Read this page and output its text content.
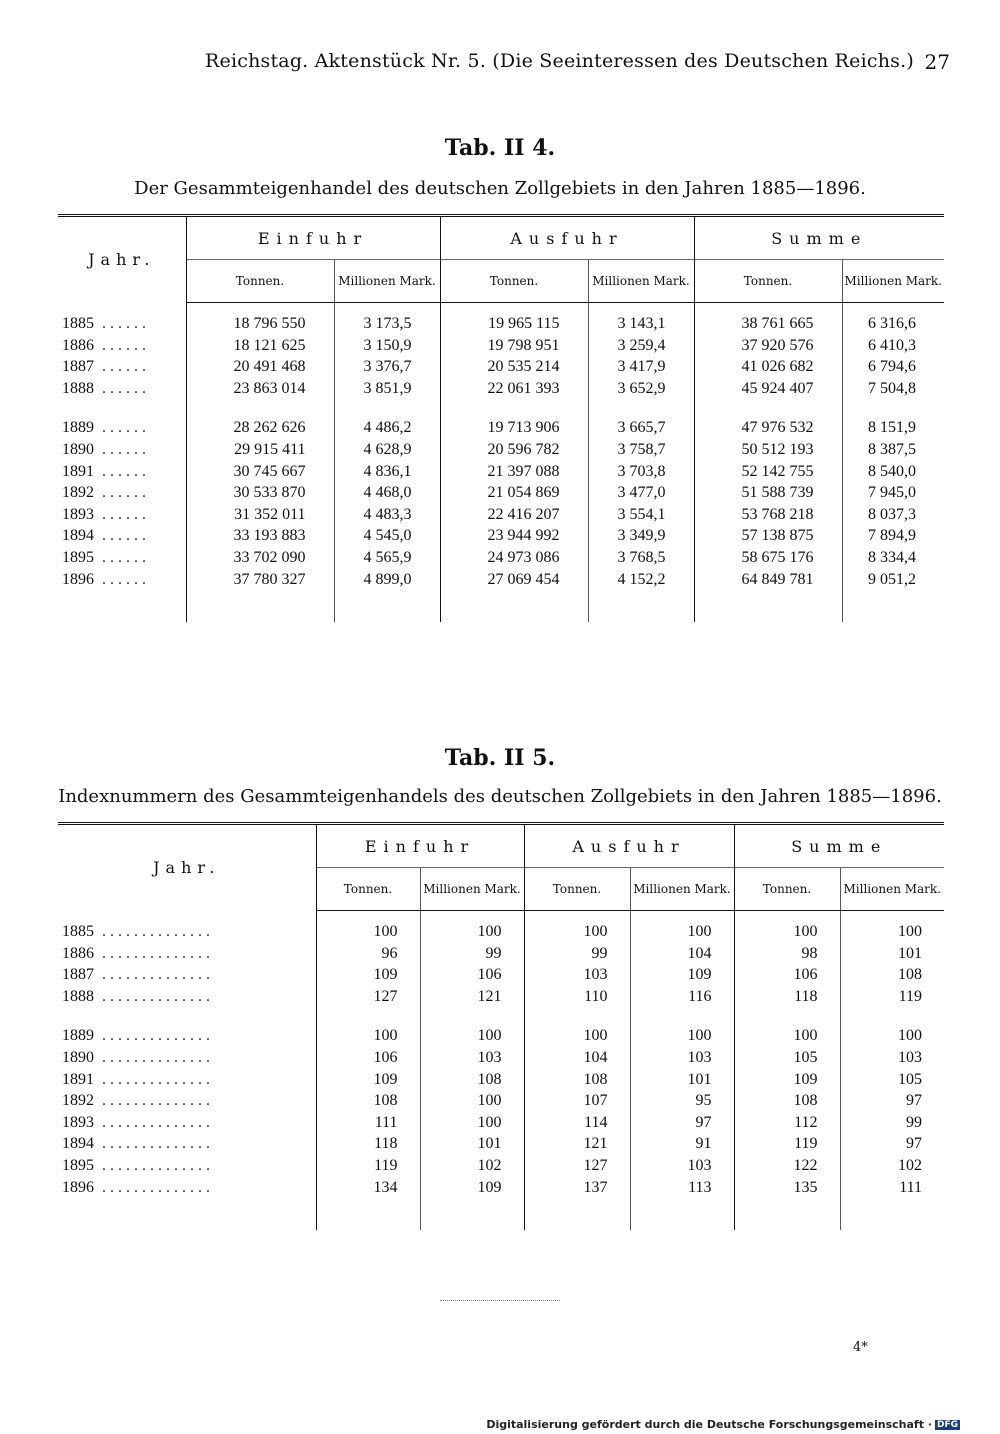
Reichstag. Aktenstück Nr. 5. (Die Seeinteressen des Deutschen Reichs.) 27
Tab. II 4.
Der Gesammteigenhandel des deutschen Zollgebiets in den Jahren 1885—1896.
Jahr.	Einfuhr		Ausfuhr		Summe	
	Tonnen.	Millionen Mark.	Tonnen.	Millionen Mark.	Tonnen.	Millionen Mark.

1885 ......	18 796 550	3 173,5	19 965 115	3 143,1	38 761 665	6 316,6
1886 ......	18 121 625	3 150,9	19 798 951	3 259,4	37 920 576	6 410,3
1887 ......	20 491 468	3 376,7	20 535 214	3 417,9	41 026 682	6 794,6
1888 ......	23 863 014	3 851,9	22 061 393	3 652,9	45 924 407	7 504,8

1889 ......	28 262 626	4 486,2	19 713 906	3 665,7	47 976 532	8 151,9
1890 ......	29 915 411	4 628,9	20 596 782	3 758,7	50 512 193	8 387,5
1891 ......	30 745 667	4 836,1	21 397 088	3 703,8	52 142 755	8 540,0
1892 ......	30 533 870	4 468,0	21 054 869	3 477,0	51 588 739	7 945,0
1893 ......	31 352 011	4 483,3	22 416 207	3 554,1	53 768 218	8 037,3
1894 ......	33 193 883	4 545,0	23 944 992	3 349,9	57 138 875	7 894,9
1895 ......	33 702 090	4 565,9	24 973 086	3 768,5	58 675 176	8 334,4
1896 ......	37 780 327	4 899,0	27 069 454	4 152,2	64 849 781	9 051,2

Tab. II 5.
Indexnummern des Gesammteigenhandels des deutschen Zollgebiets in den Jahren 1885—1896.
Jahr.	Einfuhr		Ausfuhr		Summe	
	Tonnen.	Millionen Mark.	Tonnen.	Millionen Mark.	Tonnen.	Millionen Mark.

1885 ..............	100	100	100	100	100	100
1886 ..............	96	99	99	104	98	101
1887 ..............	109	106	103	109	106	108
1888 ..............	127	121	110	116	118	119

1889 ..............	100	100	100	100	100	100
1890 ..............	106	103	104	103	105	103
1891 ..............	109	108	108	101	109	105
1892 ..............	108	100	107	95	108	97
1893 ..............	111	100	114	97	112	99
1894 ..............	118	101	121	91	119	97
1895 ..............	119	102	127	103	122	102
1896 ..............	134	109	137	113	135	111

4*
Digitalisierung gefördert durch die Deutsche Forschungsgemeinschaft · DFG
